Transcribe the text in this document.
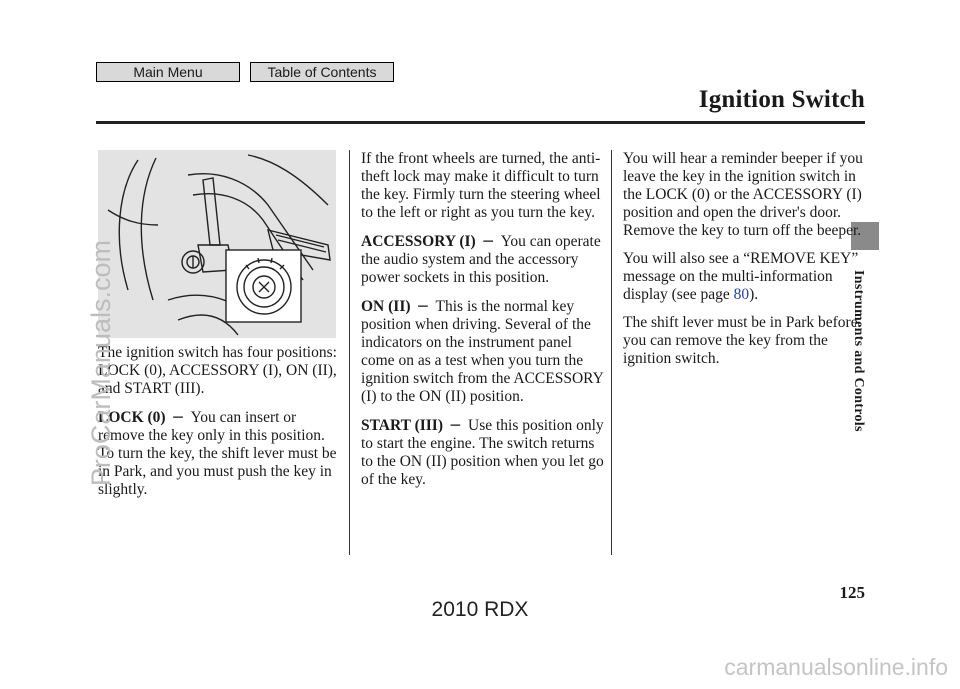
Main Menu	Table of Contents
Ignition Switch
Instruments and Controls

The ignition switch has four positions: LOCK (0), ACCESSORY (I), ON (II), and START (III).

LOCK (0) − You can insert or remove the key only in this position. To turn the key, the shift lever must be in Park, and you must push the key in slightly.

If the front wheels are turned, the anti-theft lock may make it difficult to turn the key. Firmly turn the steering wheel to the left or right as you turn the key.

ACCESSORY (I) − You can operate the audio system and the accessory power sockets in this position.

ON (II) − This is the normal key position when driving. Several of the indicators on the instrument panel come on as a test when you turn the ignition switch from the ACCESSORY (I) to the ON (II) position.

START (III) − Use this position only to start the engine. The switch returns to the ON (II) position when you let go of the key.

You will hear a reminder beeper if you leave the key in the ignition switch in the LOCK (0) or the ACCESSORY (I) position and open the driver's door. Remove the key to turn off the beeper.

You will also see a “REMOVE KEY” message on the multi-information display (see page 80).

The shift lever must be in Park before you can remove the key from the ignition switch.

125
2010 RDX
ProCarManuals.com
carmanualsonline.info
